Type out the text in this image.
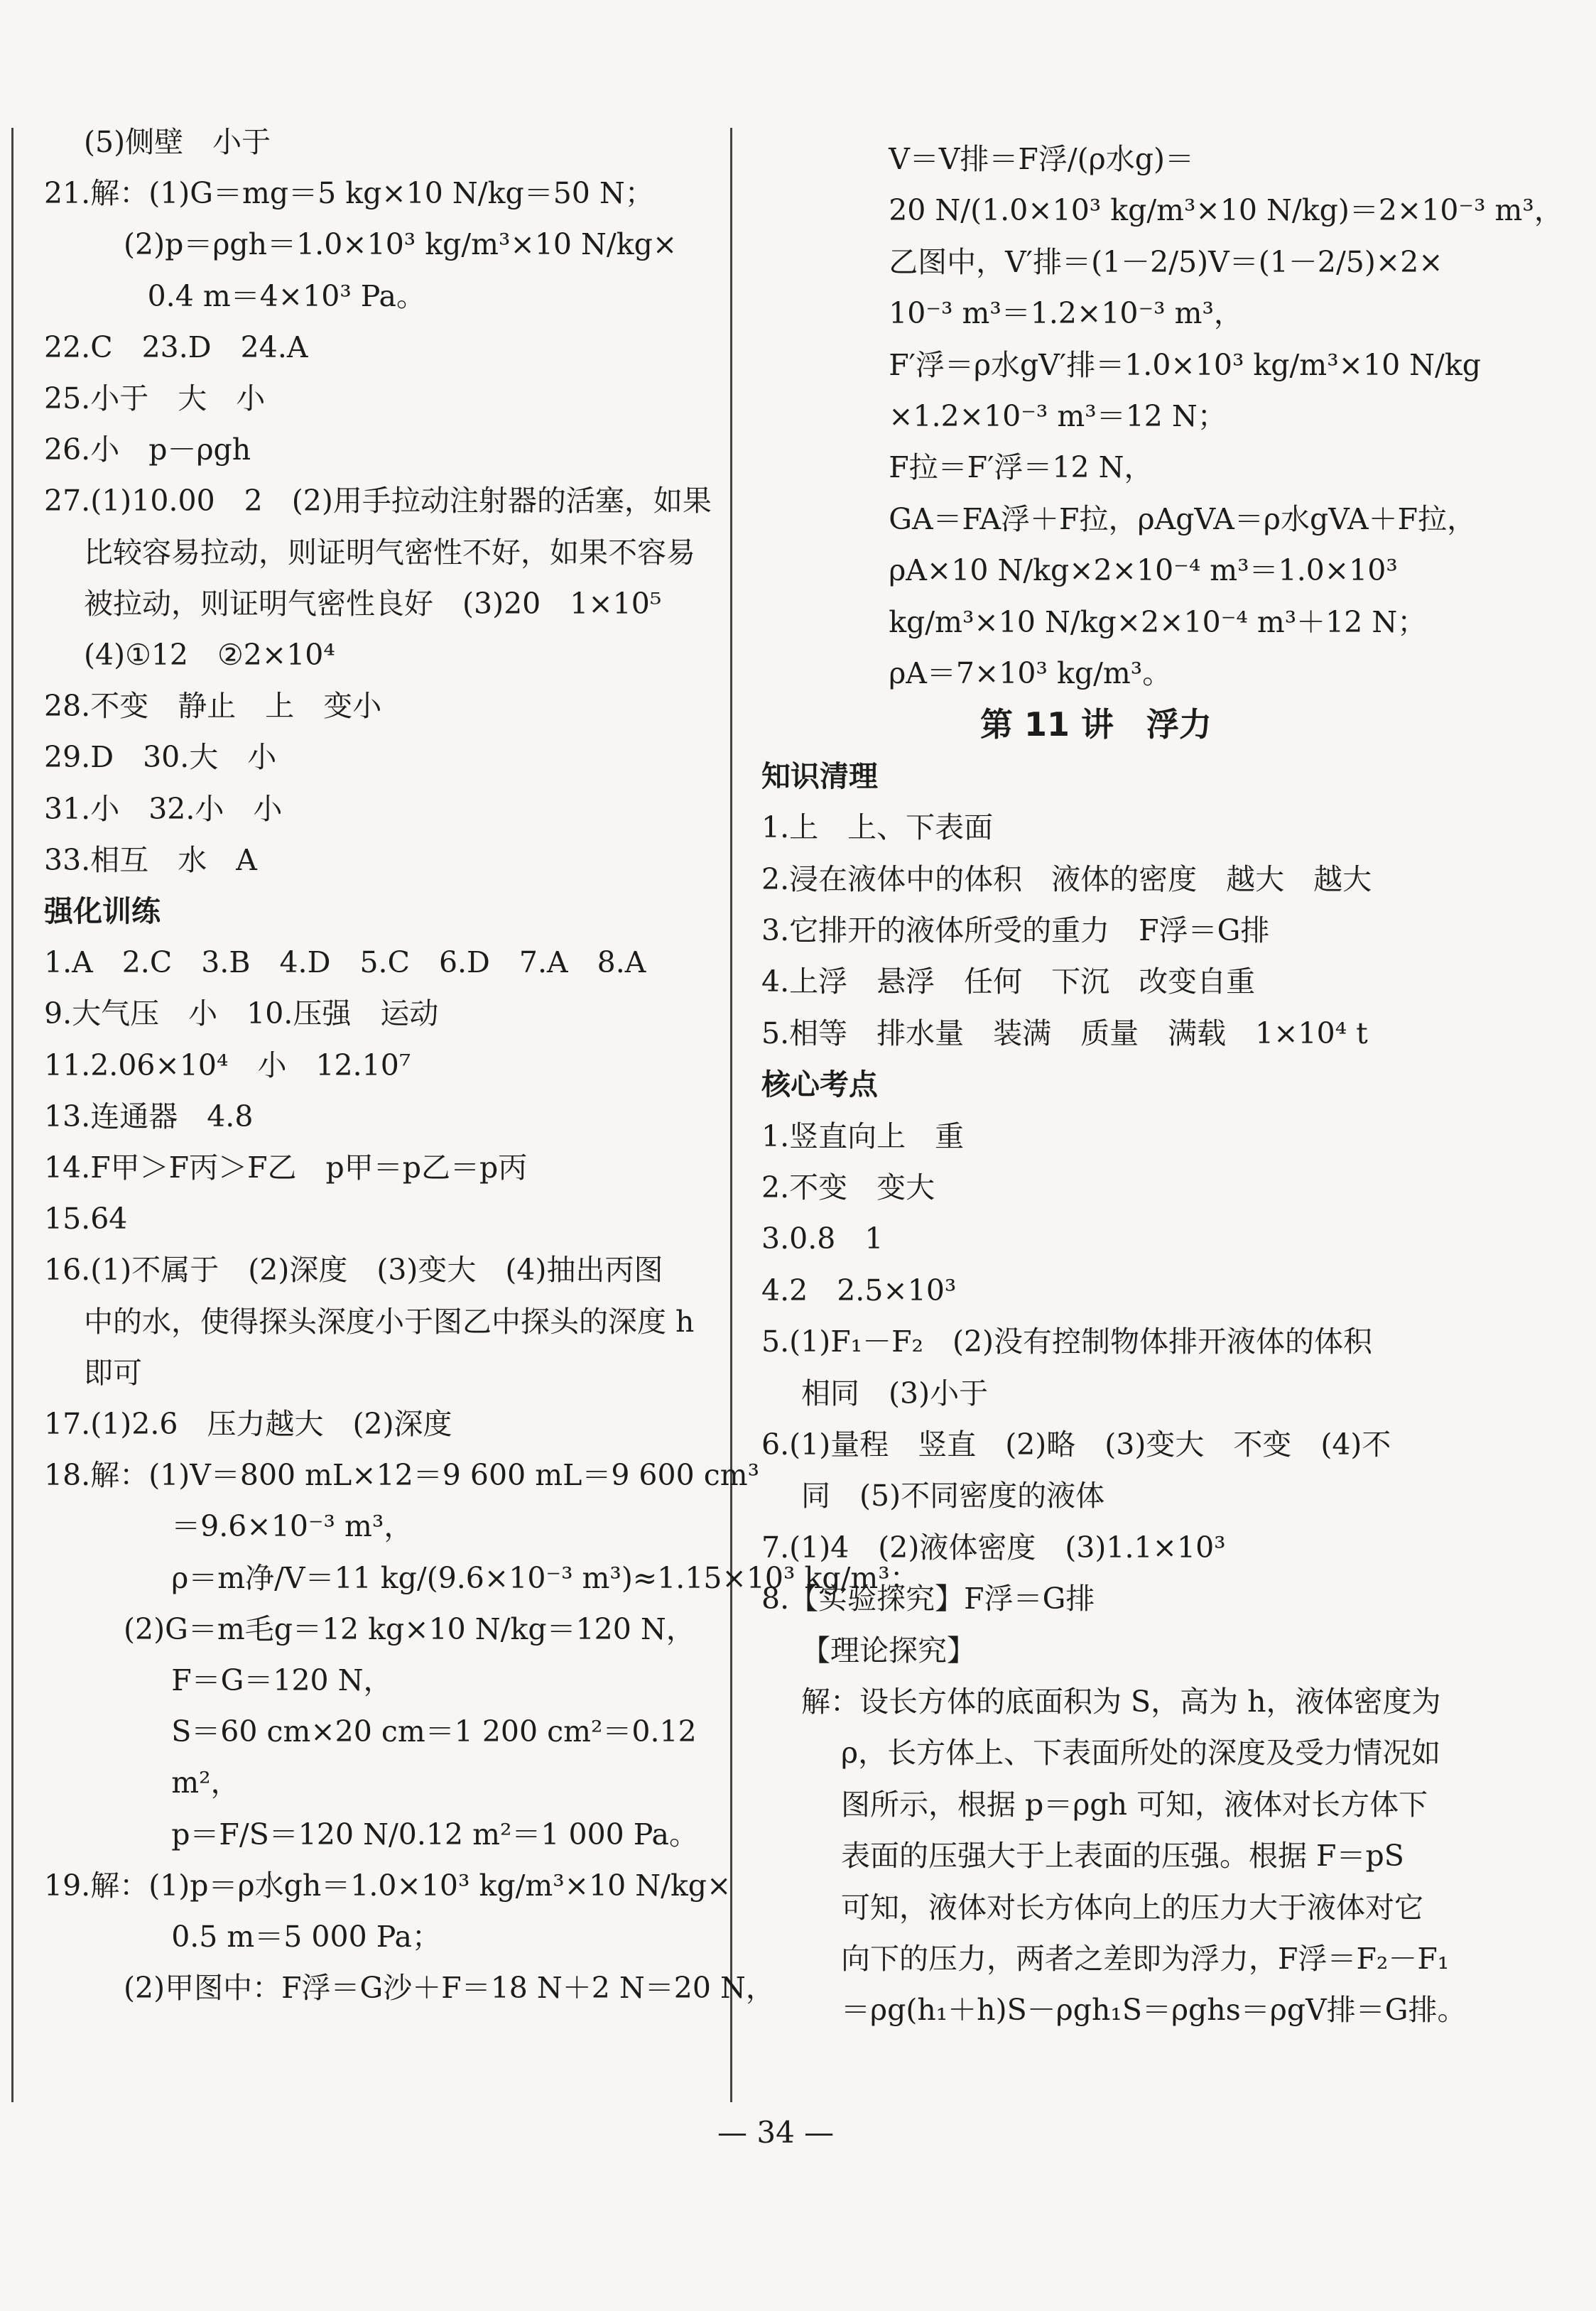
(5)侧壁　小于
21.解：(1)G＝mg＝5 kg×10 N/kg＝50 N；
(2)p＝ρgh＝1.0×10³ kg/m³×10 N/kg×
0.4 m＝4×10³ Pa。
22.C　23.D　24.A
25.小于　大　小
26.小　p－ρgh
27.(1)10.00　2　(2)用手拉动注射器的活塞，如果
比较容易拉动，则证明气密性不好，如果不容易
被拉动，则证明气密性良好　(3)20　1×10⁵
(4)①12　②2×10⁴
28.不变　静止　上　变小
29.D　30.大　小
31.小　32.小　小
33.相互　水　A
强化训练
1.A　2.C　3.B　4.D　5.C　6.D　7.A　8.A
9.大气压　小　10.压强　运动
11.2.06×10⁴　小　12.10⁷
13.连通器　4.8
14.F甲＞F丙＞F乙　p甲＝p乙＝p丙
15.64
16.(1)不属于　(2)深度　(3)变大　(4)抽出丙图
中的水，使得探头深度小于图乙中探头的深度 h
即可
17.(1)2.6　压力越大　(2)深度
18.解：(1)V＝800 mL×12＝9 600 mL＝9 600 cm³
＝9.6×10⁻³ m³，
ρ＝m净/V＝11 kg/(9.6×10⁻³ m³)≈1.15×10³ kg/m³；
(2)G＝m毛g＝12 kg×10 N/kg＝120 N，
F＝G＝120 N，
S＝60 cm×20 cm＝1 200 cm²＝0.12
m²，
p＝F/S＝120 N/0.12 m²＝1 000 Pa。
19.解：(1)p＝ρ水gh＝1.0×10³ kg/m³×10 N/kg×
0.5 m＝5 000 Pa；
(2)甲图中：F浮＝G沙＋F＝18 N＋2 N＝20 N，
V＝V排＝F浮/(ρ水g)＝
20 N/(1.0×10³ kg/m³×10 N/kg)＝2×10⁻³ m³，
乙图中，V′排＝(1－2/5)V＝(1－2/5)×2×
10⁻³ m³＝1.2×10⁻³ m³，
F′浮＝ρ水gV′排＝1.0×10³ kg/m³×10 N/kg
×1.2×10⁻³ m³＝12 N；
F拉＝F′浮＝12 N，
GA＝FA浮＋F拉，ρAgVA＝ρ水gVA＋F拉，
ρA×10 N/kg×2×10⁻⁴ m³＝1.0×10³
kg/m³×10 N/kg×2×10⁻⁴ m³＋12 N；
ρA＝7×10³ kg/m³。
第 11 讲　浮力
知识清理
1.上　上、下表面
2.浸在液体中的体积　液体的密度　越大　越大
3.它排开的液体所受的重力　F浮＝G排
4.上浮　悬浮　任何　下沉　改变自重
5.相等　排水量　装满　质量　满载　1×10⁴ t
核心考点
1.竖直向上　重
2.不变　变大
3.0.8　1
4.2　2.5×10³
5.(1)F₁－F₂　(2)没有控制物体排开液体的体积
相同　(3)小于
6.(1)量程　竖直　(2)略　(3)变大　不变　(4)不
同　(5)不同密度的液体
7.(1)4　(2)液体密度　(3)1.1×10³
8.【实验探究】F浮＝G排
【理论探究】
解：设长方体的底面积为 S，高为 h，液体密度为
ρ，长方体上、下表面所处的深度及受力情况如
图所示，根据 p＝ρgh 可知，液体对长方体下
表面的压强大于上表面的压强。根据 F＝pS
可知，液体对长方体向上的压力大于液体对它
向下的压力，两者之差即为浮力，F浮＝F₂－F₁
＝ρg(h₁＋h)S－ρgh₁S＝ρghs＝ρgV排＝G排。
— 34 —
